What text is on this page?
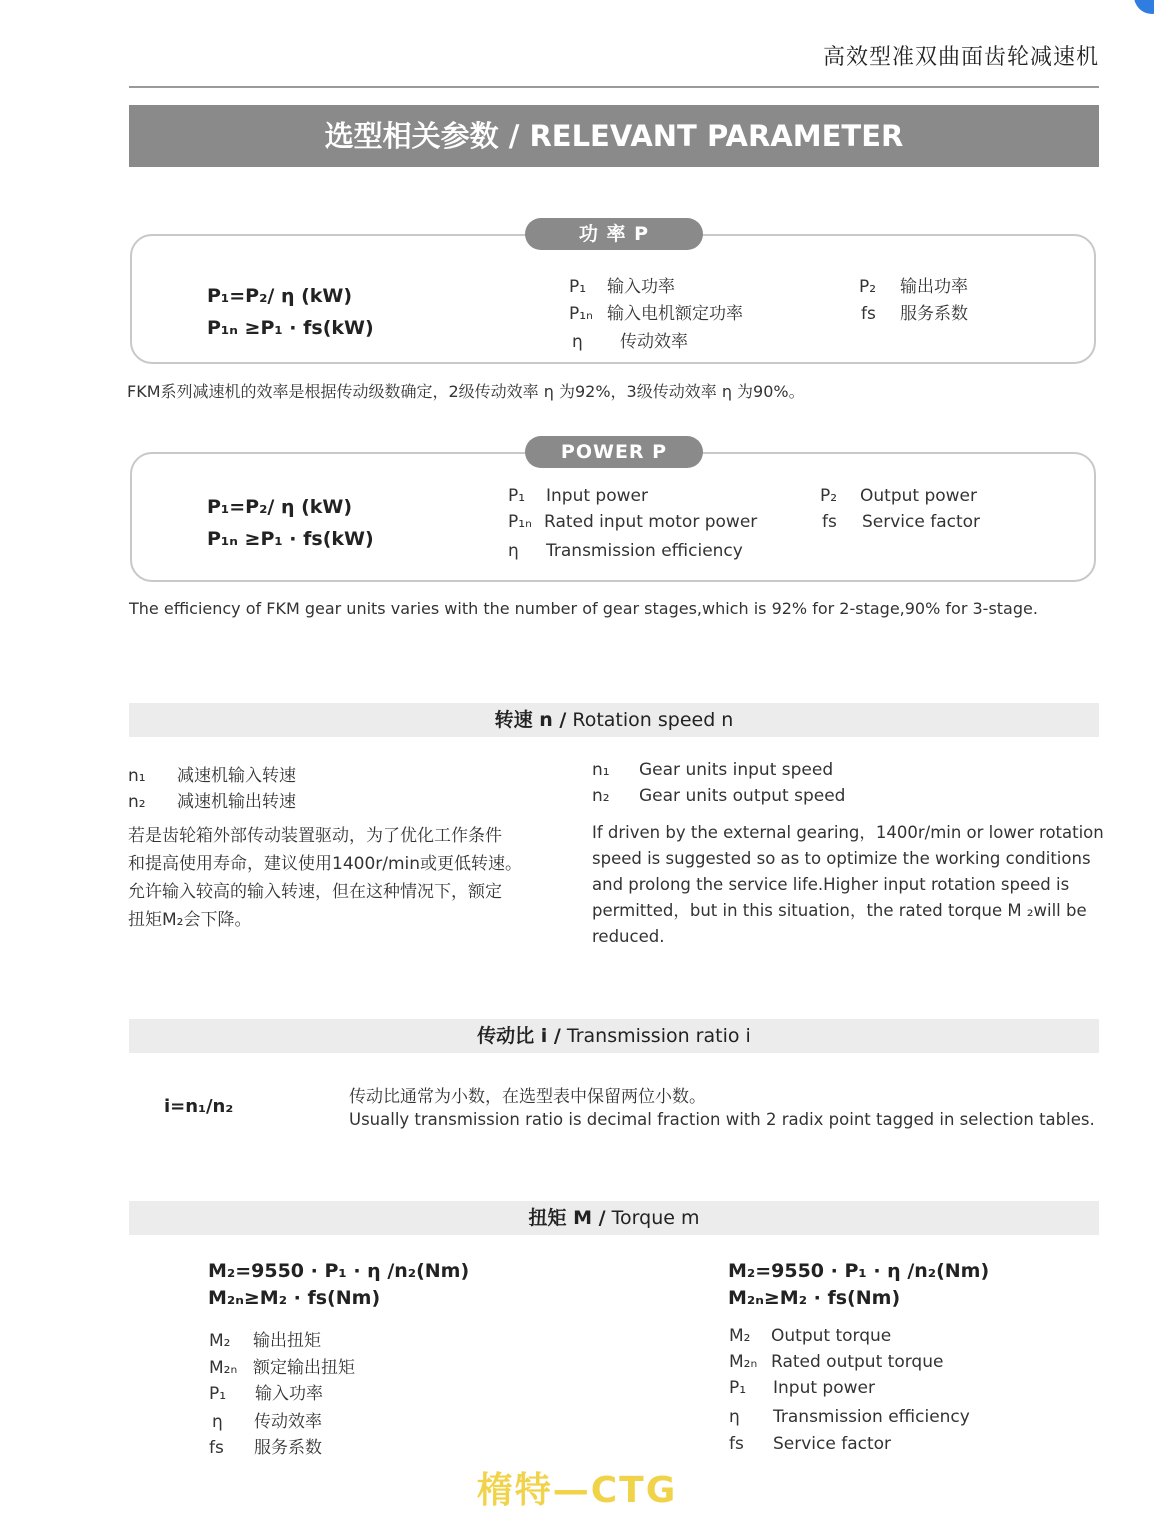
高效型准双曲面齿轮减速机
选型相关参数 / RELEVANT PARAMETER
功 率 P
P₁=P₂/ η (kW)
P₁ₙ ≥P₁ · fs(kW)
P₁ 输入功率
P₁ₙ 输入电机额定功率
η 传动效率
P₂ 输出功率
fs 服务系数
FKM系列减速机的效率是根据传动级数确定，2级传动效率 η 为92%，3级传动效率 η 为90%。
POWER P
P₁=P₂/ η (kW)
P₁ₙ ≥P₁ · fs(kW)
P₁ Input power
P₁ₙ Rated input motor power
η Transmission efficiency
P₂ Output power
fs Service factor
The efficiency of FKM gear units varies with the number of gear stages,which is 92% for 2-stage,90% for 3-stage.
转速 n / Rotation speed n
n₁ 减速机输入转速
n₂ 减速机输出转速
n₁ Gear units input speed
n₂ Gear units output speed
若是齿轮箱外部传动装置驱动，为了优化工作条件
和提高使用寿命，建议使用1400r/min或更低转速。
允许输入较高的输入转速，但在这种情况下，额定
扭矩M₂会下降。
If driven by the external gearing，1400r/min or lower rotation
speed is suggested so as to optimize the working conditions
and prolong the service life.Higher input rotation speed is
permitted，but in this situation，the rated torque M ₂will be
reduced.
传动比 i / Transmission ratio i
i=n₁/n₂	传动比通常为小数，在选型表中保留两位小数。
Usually transmission ratio is decimal fraction with 2 radix point tagged in selection tables.
扭矩 M / Torque m
M₂=9550 · P₁ · η /n₂(Nm)
M₂ₙ≥M₂ · fs(Nm)
M₂=9550 · P₁ · η /n₂(Nm)
M₂ₙ≥M₂ · fs(Nm)
M₂ 输出扭矩
M₂ₙ 额定输出扭矩
P₁ 输入功率
η 传动效率
fs 服务系数
M₂ Output torque
M₂ₙ Rated output torque
P₁ Input power
η Transmission efficiency
fs Service factor
楕特—CTG
